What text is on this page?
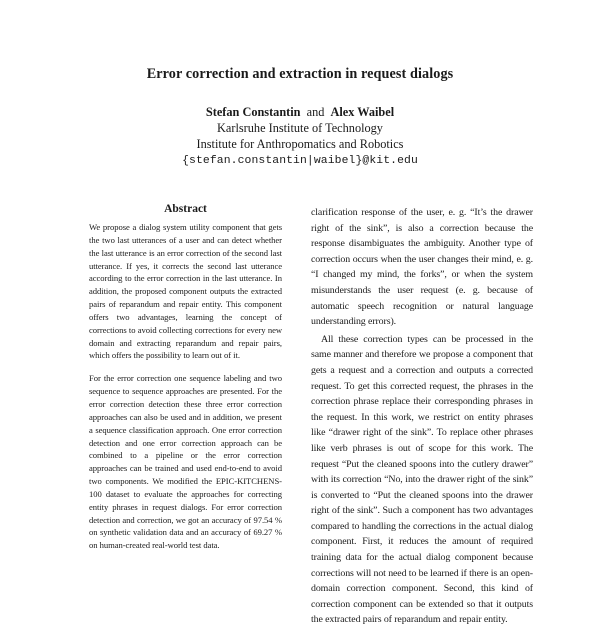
Error correction and extraction in request dialogs
Stefan Constantin and Alex Waibel
Karlsruhe Institute of Technology
Institute for Anthropomatics and Robotics
{stefan.constantin|waibel}@kit.edu
Abstract

We propose a dialog system utility component that gets the two last utterances of a user and can detect whether the last utterance is an error correction of the second last utterance. If yes, it corrects the second last utterance according to the error correction in the last utterance. In addition, the proposed component outputs the extracted pairs of reparandum and repair entity. This component offers two advantages, learning the concept of corrections to avoid collecting corrections for every new domain and extracting reparandum and repair pairs, which offers the possibility to learn out of it.

For the error correction one sequence labeling and two sequence to sequence approaches are presented. For the error correction detection these three error correction approaches can also be used and in addition, we present a sequence classification approach. One error correction detection and one error correction approach can be combined to a pipeline or the error correction approaches can be trained and used end-to-end to avoid two components. We modified the EPIC-KITCHENS-100 dataset to evaluate the approaches for correcting entity phrases in request dialogs. For error correction detection and correction, we got an accuracy of 97.54 % on synthetic validation data and an accuracy of 69.27 % on human-created real-world test data.

clarification response of the user, e. g. “It’s the drawer right of the sink”, is also a correction because the response disambiguates the ambiguity. Another type of correction occurs when the user changes their mind, e. g. “I changed my mind, the forks”, or when the system misunderstands the user request (e. g. because of automatic speech recognition or natural language understanding errors).

All these correction types can be processed in the same manner and therefore we propose a component that gets a request and a correction and outputs a corrected request. To get this corrected request, the phrases in the correction phrase replace their corresponding phrases in the request. In this work, we restrict on entity phrases like “drawer right of the sink”. To replace other phrases like verb phrases is out of scope for this work. The request “Put the cleaned spoons into the cutlery drawer” with its correction “No, into the drawer right of the sink” is converted to “Put the cleaned spoons into the drawer right of the sink”. Such a component has two advantages compared to handling the corrections in the actual dialog component. First, it reduces the amount of required training data for the actual dialog component because corrections will not need to be learned if there is an open-domain correction component. Second, this kind of correction component can be extended so that it outputs the extracted pairs of reparandum and repair entity.
